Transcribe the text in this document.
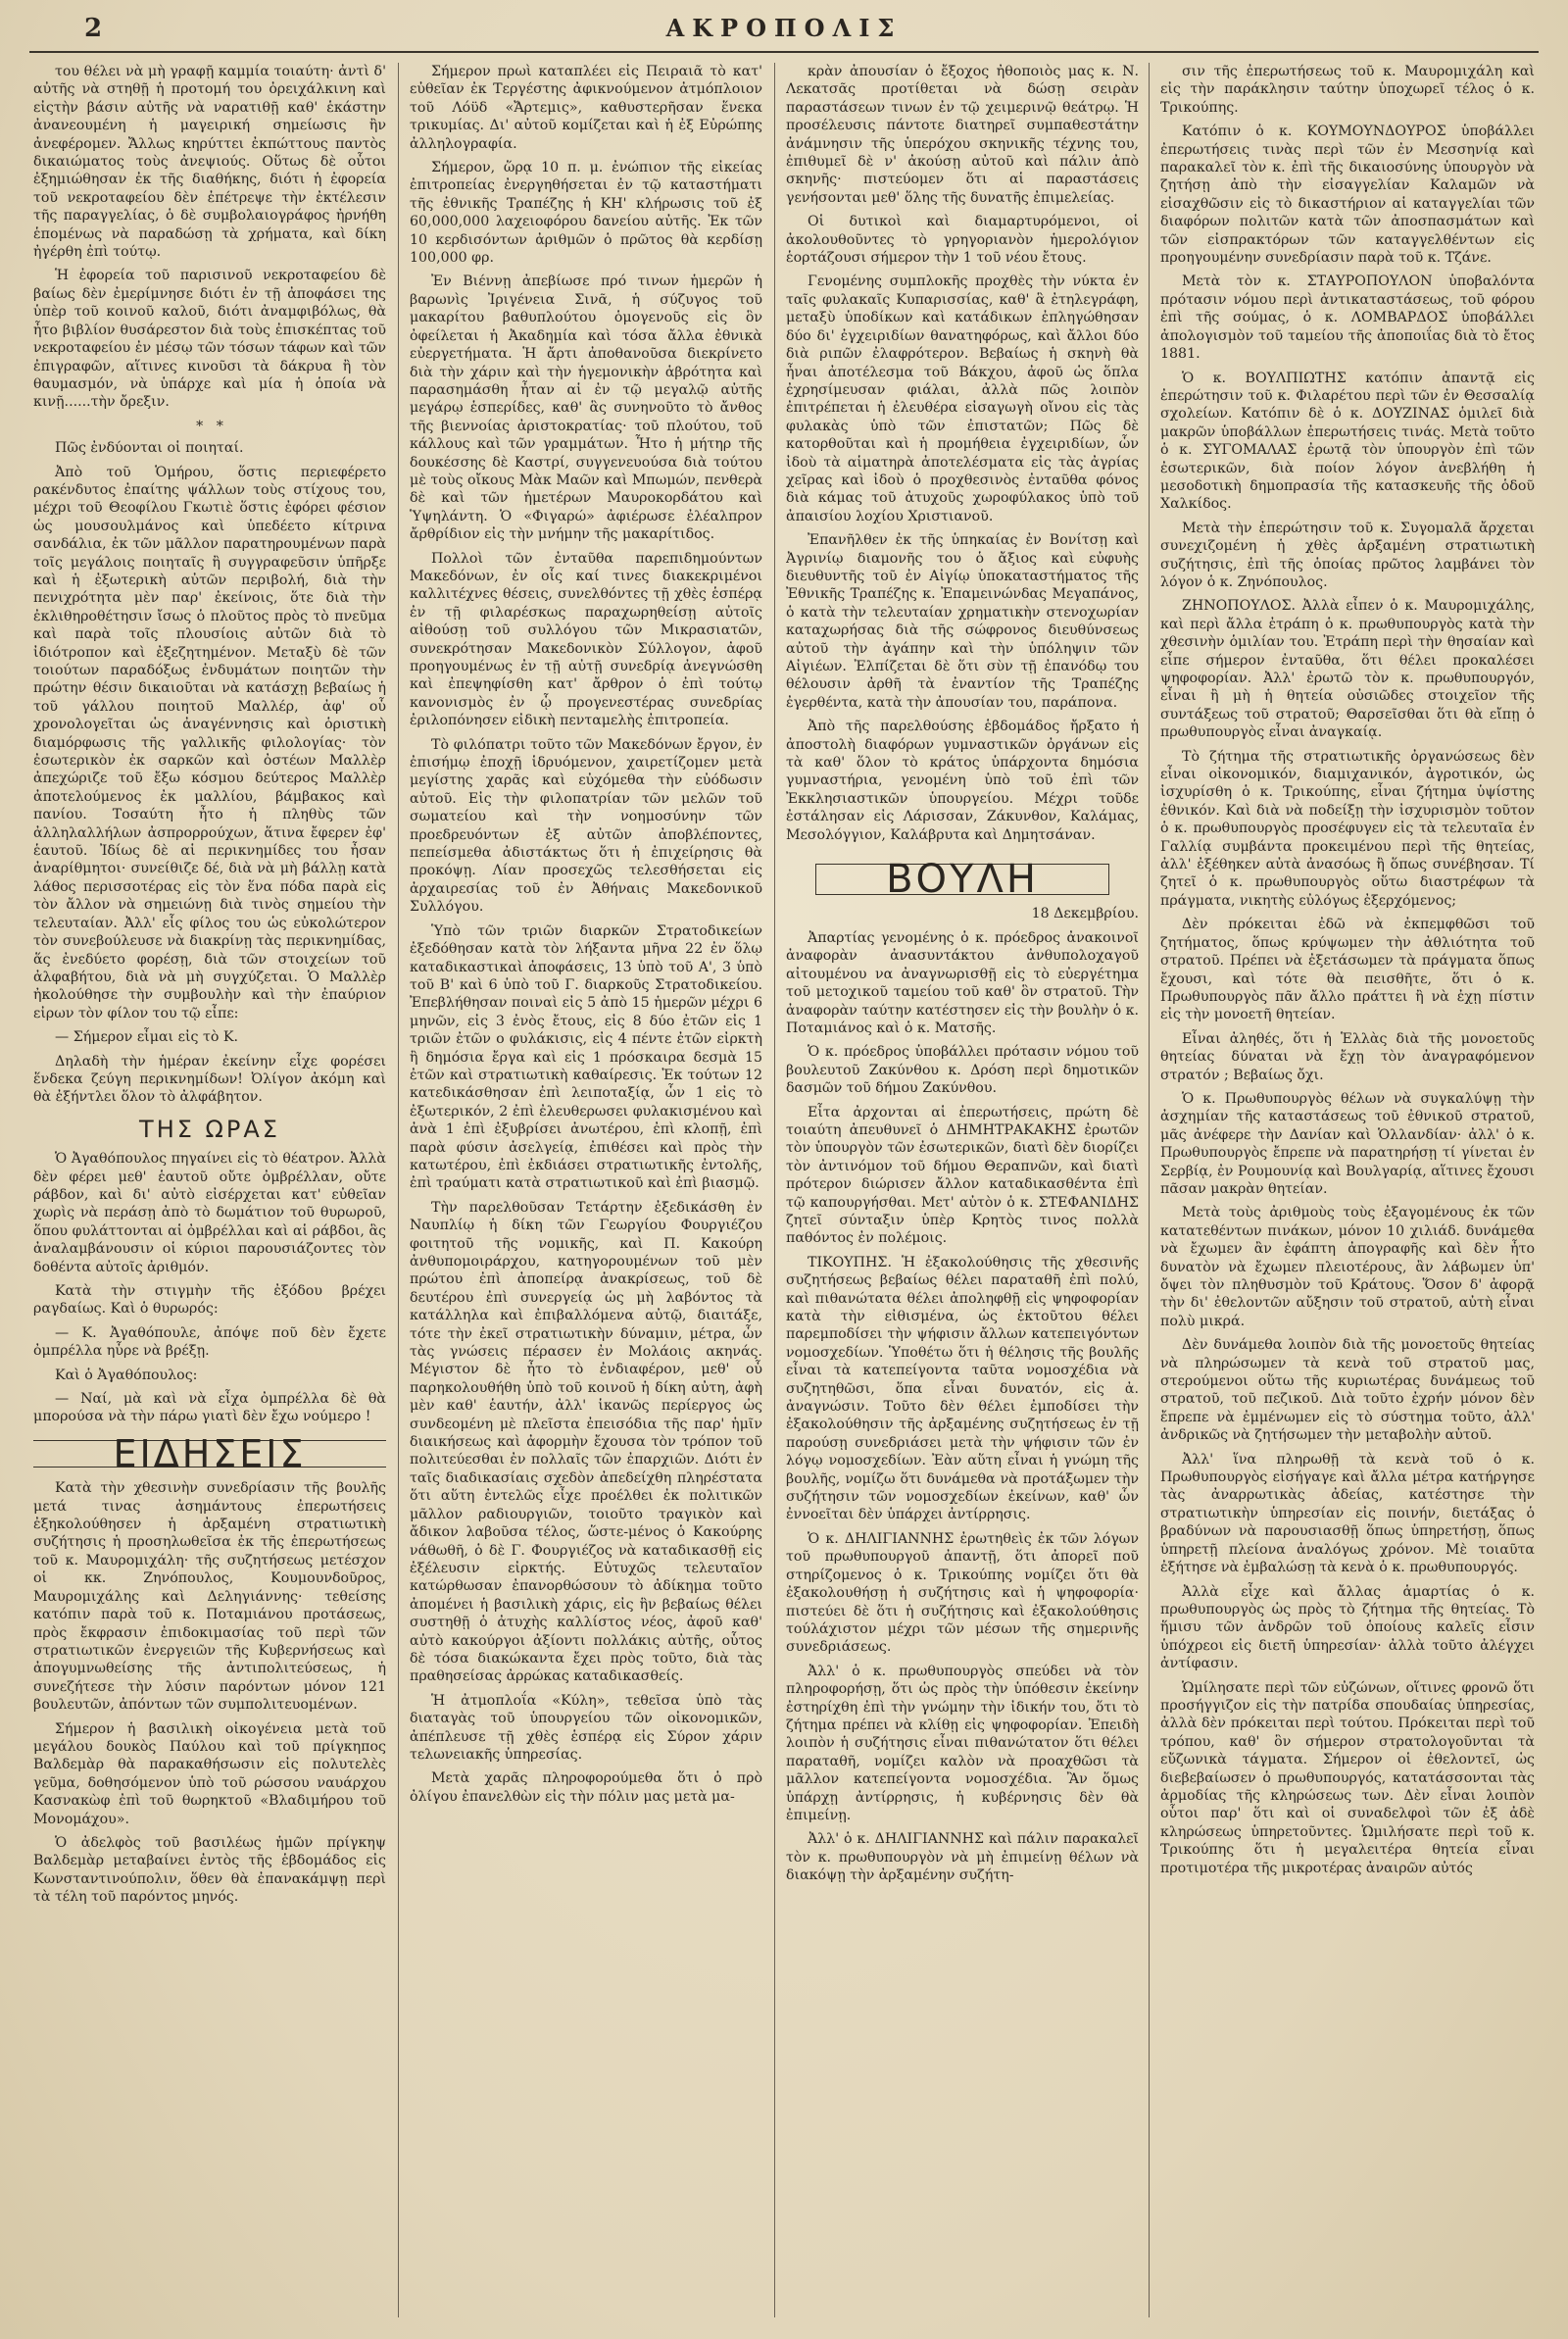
2	ΑΚΡΟΠΟΛΙΣ

του θέλει νὰ μὴ γραφῇ καμμία τοιαύτη· ἀντὶ δ' αὐτῆς νὰ στηθῇ ἡ προτομή του ὀρειχάλκινη καὶ εἰςτὴν βάσιν αὐτῆς νὰ ναρατιθῇ καθ' ἑκάστην ἀνανεουμένη ἡ μαγειρική σημείωσις ἢν ἀνεφέρομεν. Ἄλλως κηρύττει ἐκπώττους παντὸς δικαιώματος τοὺς ἀνεψιούς. Οὕτως δὲ οὗτοι ἐξημιώθησαν ἐκ τῆς διαθήκης, διότι ἡ ἐφορεία τοῦ νεκροταφείου δὲν ἐπέτρεψε τὴν ἐκτέλεσιν τῆς παραγγελίας, ὁ δὲ συμβολαιογράφος ἠρνήθη ἑπομένως νὰ παραδώσῃ τὰ χρήματα, καὶ δίκη ἠγέρθη ἐπὶ τούτῳ.

Ἡ ἐφορεία τοῦ παρισινοῦ νεκροταφείου δὲ βαίως δὲν ἐμερίμνησε διότι ἐν τῇ ἀποφάσει της ὑπὲρ τοῦ κοινοῦ καλοῦ, διότι ἀναμφιβόλως, θὰ ἦτο βιβλίον θυσάρεστον διὰ τοὺς ἐπισκέπτας τοῦ νεκροταφείου ἐν μέσῳ τῶν τόσων τάφων καὶ τῶν ἐπιγραφῶν, αἵτινες κινοῦσι τὰ δάκρυα ἢ τὸν θαυμασμόν, νὰ ὑπάρχε καὶ μία ἡ ὁποία νὰ κινῇ......τὴν ὄρεξιν.

*   *

Πῶς ἐνδύονται οἱ ποιηταί.

Ἀπὸ τοῦ Ὁμήρου, ὅστις περιεφέρετο ρακένδυτος ἐπαίτης ψάλλων τοὺς στίχους του, μέχρι τοῦ Θεοφίλου Γκωτιὲ ὅστις ἐφόρει φέσιον ὡς μουσουλμάνος καὶ ὑπεδέετο κίτρινα σανδάλια, ἐκ τῶν μᾶλλον παρατηρουμένων παρὰ τοῖς μεγάλοις ποιηταῖς ἢ συγγραφεῦσιν ὑπῆρξε καὶ ἡ ἐξωτερικὴ αὐτῶν περιβολή, διὰ τὴν πενιχρότητα μὲν παρ' ἐκείνοις, ὅτε διὰ τὴν ἐκλιθηροθέτησιν ἴσως ὁ πλοῦτος πρὸς τὸ πνεῦμα καὶ παρὰ τοῖς πλουσίοις αὐτῶν διὰ τὸ ἰδιότροπον καὶ ἐξεζητημένον. Μεταξὺ δὲ τῶν τοιούτων παραδόξως ἐνδυμάτων ποιητῶν τὴν πρώτην θέσιν δικαιοῦται νὰ κατάσχῃ βεβαίως ἡ τοῦ γάλλου ποιητοῦ Μαλλέρ, ἀφ' οὗ χρονολογεῖται ὡς ἀναγέννησις καὶ ὁριστικὴ διαμόρφωσις τῆς γαλλικῆς φιλολογίας· τὸν ἐσωτερικὸν ἐκ σαρκῶν καὶ ὀστέων Μαλλὲρ ἀπεχώριζε τοῦ ἔξω κόσμου δεύτερος Μαλλὲρ ἀποτελούμενος ἐκ μαλλίου, βάμβακος καὶ πανίου. Τοσαύτη ἦτο ἡ πληθὺς τῶν ἀλληλαλλήλων ἀσπρορρούχων, ἅτινα ἔφερεν ἐφ' ἑαυτοῦ. Ἰδίως δὲ αἱ περικνημίδες του ἦσαν ἀναρίθμητοι· συνείθιζε δέ, διὰ νὰ μὴ βάλλῃ κατὰ λάθος περισσοτέρας εἰς τὸν ἕνα πόδα παρὰ εἰς τὸν ἄλλον νὰ σημειώνῃ διὰ τινὸς σημείου τὴν τελευταίαν. Ἀλλ' εἷς φίλος του ὡς εὐκολώτερον τὸν συνεβούλευσε νὰ διακρίνῃ τὰς περικνημίδας, ἅς ἐνεδύετο φορέσῃ, διὰ τῶν στοιχείων τοῦ ἀλφαβήτου, διὰ νὰ μὴ συγχύζεται. Ὁ Μαλλὲρ ἠκολούθησε τὴν συμβουλὴν καὶ τὴν ἐπαύριον εἰρων τὸν φίλον του τῷ εἶπε:

— Σήμερον εἶμαι εἰς τὸ Κ.

Δηλαδὴ τὴν ἡμέραν ἐκείνην εἶχε φορέσει ἕνδεκα ζεύγη περικνημίδων! Ὀλίγον ἀκόμη καὶ θὰ ἐξήντλει ὅλον τὸ ἀλφάβητον.

ΤΗΣ ΩΡΑΣ

Ὁ Ἀγαθόπουλος πηγαίνει εἰς τὸ θέατρον. Ἀλλὰ δὲν φέρει μεθ' ἑαυτοῦ οὔτε ὀμβρέλλαν, οὔτε ράβδον, καὶ δι' αὐτὸ εἰσέρχεται κατ' εὐθεῖαν χωρὶς νὰ περάσῃ ἀπὸ τὸ δωμάτιον τοῦ θυρωροῦ, ὅπου φυλάττονται αἱ ὀμβρέλλαι καὶ αἱ ράβδοι, ἃς ἀναλαμβάνουσιν οἱ κύριοι παρουσιάζοντες τὸν δοθέντα αὐτοῖς ἀριθμόν.

Κατὰ τὴν στιγμὴν τῆς ἐξόδου βρέχει ραγδαίως. Καὶ ὁ θυρωρός:

— Κ. Ἀγαθόπουλε, ἀπόψε ποῦ δὲν ἔχετε ὀμπρέλλα ηὗρε νὰ βρέξῃ.

Καὶ ὁ Ἀγαθόπουλος:

— Ναί, μὰ καὶ νὰ εἶχα ὀμπρέλλα δὲ θὰ μπορούσα νὰ τὴν πάρω γιατὶ δὲν ἔχω νούμερο !

ΕΙΔΗΣΕΙΣ

Κατὰ τὴν χθεσινὴν συνεδρίασιν τῆς βουλῆς μετά τινας ἀσημάντους ἐπερωτήσεις ἐξηκολούθησεν ἡ ἀρξαμένη στρατιωτικὴ συζήτησις ἡ προσηλωθεῖσα ἐκ τῆς ἐπερωτήσεως τοῦ κ. Μαυρομιχάλη· τῆς συζητήσεως μετέσχον οἱ κκ. Ζηνόπουλος, Κουμουνδοῦρος, Μαυρομιχάλης καὶ Δεληγιάννης· τεθείσης κατόπιν παρὰ τοῦ κ. Ποταμιάνου προτάσεως, πρὸς ἔκφρασιν ἐπιδοκιμασίας τοῦ περὶ τῶν στρατιωτικῶν ἐνεργειῶν τῆς Κυβερνήσεως καὶ ἀπογυμνωθείσης τῆς ἀντιπολιτεύσεως, ἡ συνεζήτεσε τὴν λύσιν παρόντων μόνον 121 βουλευτῶν, ἀπόντων τῶν συμπολιτευομένων.

Σήμερον ἡ βασιλικὴ οἰκογένεια μετὰ τοῦ μεγάλου δουκὸς Παύλου καὶ τοῦ πρίγκηπος Βαλδεμὰρ θὰ παρακαθήσωσιν εἰς πολυτελὲς γεῦμα, δοθησόμενον ὑπὸ τοῦ ρώσσου ναυάρχου Κασνακὼφ ἐπὶ τοῦ θωρηκτοῦ «Βλαδιμήρου τοῦ Μονομάχου».

Ὁ ἀδελφὸς τοῦ βασιλέως ἡμῶν πρίγκηψ Βαλδεμὰρ μεταβαίνει ἐντὸς τῆς ἑβδομάδος εἰς Κωνσταντινούπολιν, ὅθεν θὰ ἐπανακάμψῃ περὶ τὰ τέλη τοῦ παρόντος μηνός.

Σήμερον πρωὶ καταπλέει εἰς Πειραιᾶ τὸ κατ' εὐθεῖαν ἐκ Τεργέστης ἀφικνούμενον ἀτμόπλοιον τοῦ Λόϋδ «Ἄρτεμις», καθυστερῆσαν ἕνεκα τρικυμίας. Δι' αὐτοῦ κομίζεται καὶ ἡ ἐξ Εὐρώπης ἀλληλογραφία.

Σήμερον, ὥρᾳ 10 π. μ. ἐνώπιον τῆς εἰκείας ἐπιτροπείας ἐνεργηθήσεται ἐν τῷ καταστήματι τῆς ἐθνικῆς Τραπέζης ἡ ΚΗ' κλήρωσις τοῦ ἐξ 60,000,000 λαχειοφόρου δανείου αὐτῆς. Ἐκ τῶν 10 κερδισόντων ἀριθμῶν ὁ πρῶτος θὰ κερδίσῃ 100,000 φρ.

Ἐν Βιέννῃ ἀπεβίωσε πρό τινων ἡμερῶν ἡ βαρωνὶς Ἰριγένεια Σινᾶ, ἡ σύζυγος τοῦ μακαρίτου βαθυπλούτου ὁμογενοῦς εἰς ὃν ὀφείλεται ἡ Ἀκαδημία καὶ τόσα ἄλλα ἐθνικὰ εὐεργετήματα. Ἡ ἄρτι ἀποθανοῦσα διεκρίνετο διὰ τὴν χάριν καὶ τὴν ἡγεμονικὴν ἁβρότητα καὶ παρασημάσθη ἦταν αἱ ἐν τῷ μεγαλῷ αὐτῆς μεγάρῳ ἑσπερίδες, καθ' ἃς συνηνοῦτο τὸ ἄνθος τῆς βιεννοίας ἀριστοκρατίας· τοῦ πλούτου, τοῦ κάλλους καὶ τῶν γραμμάτων. Ἧτο ἡ μήτηρ τῆς δουκέσσης δὲ Καστρί, συγγενευούσα διὰ τούτου μὲ τοὺς οἴκους Μὰκ Μαῶν καὶ Μπωμών, πενθερὰ δὲ καὶ τῶν ἡμετέρων Μαυροκορδάτου καὶ Ὑψηλάντη. Ὁ «Φιγαρώ» ἀφιέρωσε ἐλέαλπρον ἄρθρίδιον εἰς τὴν μνήμην τῆς μακαρίτιδος.

Πολλοὶ τῶν ἐνταῦθα παρεπιδημούντων Μακεδόνων, ἐν οἷς καί τινες διακεκριμένοι καλλιτέχνες θέσεις, συνελθόντες τῇ χθὲς ἑσπέρᾳ ἐν τῇ φιλαρέσκως παραχωρηθείσῃ αὐτοῖς αἰθούσῃ τοῦ συλλόγου τῶν Μικρασιατῶν, συνεκρότησαν Μακεδονικὸν Σύλλογον, ἀφοῦ προηγουμένως ἐν τῇ αὐτῇ συνεδρίᾳ ἀνεγνώσθη καὶ ἐπεψηφίσθη κατ' ἄρθρον ὁ ἐπὶ τούτῳ κανονισμὸς ἐν ᾧ προγενεστέρας συνεδρίας ἐριλοπόνησεν εἰδικὴ πενταμελὴς ἐπιτροπεία.

Τὸ φιλόπατρι τοῦτο τῶν Μακεδόνων ἔργον, ἐν ἐπισήμῳ ἐποχῇ ἱδρυόμενον, χαιρετίζομεν μετὰ μεγίστης χαρᾶς καὶ εὐχόμεθα τὴν εὐόδωσιν αὐτοῦ. Εἰς τὴν φιλοπατρίαν τῶν μελῶν τοῦ σωματείου καὶ τὴν νοημοσύνην τῶν προεδρευόντων ἐξ αὐτῶν ἀποβλέποντες, πεπείσμεθα ἀδιστάκτως ὅτι ἡ ἐπιχείρησις θὰ προκόψῃ. Λίαν προσεχῶς τελεσθήσεται εἰς ἀρχαιρεσίας τοῦ ἐν Ἀθήναις Μακεδονικοῦ Συλλόγου.

Ὑπὸ τῶν τριῶν διαρκῶν Στρατοδικείων ἐξεδόθησαν κατὰ τὸν λήξαντα μῆνα 22 ἐν ὅλῳ καταδικαστικαὶ ἀποφάσεις, 13 ὑπὸ τοῦ Α', 3 ὑπὸ τοῦ Β' καὶ 6 ὑπὸ τοῦ Γ. διαρκοῦς Στρατοδικείου. Ἐπεβλήθησαν ποιναὶ εἰς 5 ἀπὸ 15 ἡμερῶν μέχρι 6 μηνῶν, εἰς 3 ἐνὸς ἔτους, εἰς 8 δύο ἐτῶν εἰς 1 τριῶν ἐτῶν ο φυλάκισις, εἰς 4 πέντε ἐτῶν εἰρκτὴ ἢ δημόσια ἔργα καὶ εἰς 1 πρόσκαιρα δεσμὰ 15 ἐτῶν καὶ στρατιωτικὴ καθαίρεσις. Ἐκ τούτων 12 κατεδικάσθησαν ἐπὶ λειποταξίᾳ, ὧν 1 εἰς τὸ ἐξωτερικόν, 2 ἐπὶ ἐλευθερωσει φυλακισμένου καὶ ἀνὰ 1 ἐπὶ ἐξυβρίσει ἀνωτέρου, ἐπὶ κλοπῇ, ἐπὶ παρὰ φύσιν ἀσελγείᾳ, ἐπιθέσει καὶ πρὸς τὴν κατωτέρου, ἐπὶ ἐκδιάσει στρατιωτικῆς ἐντολῆς, ἐπὶ τραύματι κατὰ στρατιωτικοῦ καὶ ἐπὶ βιασμῷ.

Τὴν παρελθοῦσαν Τετάρτην ἐξεδικάσθη ἐν Ναυπλίῳ ἡ δίκη τῶν Γεωργίου Φουργιέζου φοιτητοῦ τῆς νομικῆς, καὶ Π. Κακούρη ἀνθυπομοιράρχου, κατηγορουμένων τοῦ μὲν πρώτου ἐπὶ ἀποπείρᾳ ἀνακρίσεως, τοῦ δὲ δευτέρου ἐπὶ συνεργείᾳ ὡς μὴ λαβόντος τὰ κατάλληλα καὶ ἐπιβαλλόμενα αὐτῷ, διαιτάξε, τότε τὴν ἐκεῖ στρατιωτικὴν δύναμιν, μέτρα, ὧν τὰς γνώσεις πέρασεν ἐν Μολάοις ακηνάς. Μέγιστον δὲ ἦτο τὸ ἐνδιαφέρον, μεθ' οὗ παρηκολουθήθη ὑπὸ τοῦ κοινοῦ ἡ δίκη αὐτη, ἀφὴ μὲν καθ' ἑαυτήν, ἀλλ' ἱκανῶς περίεργος ὡς συνδεομένη μὲ πλεῖστα ἐπεισόδια τῆς παρ' ἡμῖν διαικήσεως καὶ ἀφορμὴν ἔχουσα τὸν τρόπον τοῦ πολιτεύεσθαι ἐν πολλαῖς τῶν ἐπαρχιῶν. Διότι ἐν ταῖς διαδικασίαις σχεδὸν ἀπεδείχθη πληρέστατα ὅτι αὕτη ἐντελῶς εἶχε προέλθει ἐκ πολιτικῶν μᾶλλον ραδιουργιῶν, τοιοῦτο τραγικὸν καὶ ἄδικον λαβοῦσα τέλος, ὥστε-μένος ὁ Κακούρης νάθωθῆ, ὁ δὲ Γ. Φουργιέζος νὰ καταδικασθῇ εἰς ἐξέλευσιν εἰρκτής. Εὐτυχῶς τελευταῖον κατώρθωσαν ἐπανορθώσουν τὸ ἀδίκημα τοῦτο ἀπομένει ἡ βασιλικὴ χάρις, εἰς ἣν βεβαίως θέλει συστηθῇ ὁ ἀτυχὴς καλλίστος νέος, ἀφοῦ καθ' αὐτὸ κακούργοι ἀξίοντι πολλάκις αὐτῆς, οὗτος δὲ τόσα διακώκαντα ἔχει πρὸς τοῦτο, διὰ τὰς πραθησείσας ἀρρώκας καταδικασθείς.

Ἡ ἀτμοπλοΐα «Κύλη», τεθεῖσα ὑπὸ τὰς διαταγὰς τοῦ ὑπουργείου τῶν οἰκονομικῶν, ἀπέπλευσε τῇ χθὲς ἑσπέρᾳ εἰς Σύρον χάριν τελωνειακῆς ὑπηρεσίας.

Μετὰ χαρᾶς πληροφορούμεθα ὅτι ὁ πρὸ ὀλίγου ἐπανελθὼν εἰς τὴν πόλιν μας μετὰ μα-

κρὰν ἀπουσίαν ὁ ἔξοχος ἠθοποιὸς μας κ. Ν. Λεκατσᾶς προτίθεται νὰ δώσῃ σειρὰν παραστάσεων τινων ἐν τῷ χειμερινῷ θεάτρῳ. Ἡ προσέλευσις πάντοτε διατηρεῖ συμπαθεστάτην ἀνάμνησιν τῆς ὑπερόχου σκηνικῆς τέχνης του, ἐπιθυμεῖ δὲ ν' ἀκούσῃ αὐτοῦ καὶ πάλιν ἀπὸ σκηνῆς· πιστεύομεν ὅτι αἱ παραστάσεις γενήσονται μεθ' ὅλης τῆς δυνατῆς ἐπιμελείας.

Οἱ δυτικοὶ καὶ διαμαρτυρόμενοι, οἱ ἀκολουθοῦντες τὸ γρηγοριανὸν ἡμερολόγιον ἑορτάζουσι σήμερον τὴν 1 τοῦ νέου ἔτους.

Γενομένης συμπλοκῆς προχθὲς τὴν νύκτα ἐν ταῖς φυλακαῖς Κυπαρισσίας, καθ' ἃ ἐτηλεγράφη, μεταξὺ ὑποδίκων καὶ κατάδικων ἐπληγώθησαν δύο δι' ἐγχειριδίων θανατηφόρως, καὶ ἄλλοι δύο διὰ ριπῶν ἐλαφρότερον. Βεβαίως ἡ σκηνὴ θὰ ἦναι ἀποτέλεσμα τοῦ Βάκχου, ἀφοῦ ὡς ὅπλα ἐχρησίμευσαν φιάλαι, ἀλλὰ πῶς λοιπὸν ἐπιτρέπεται ἡ ἐλευθέρα εἰσαγωγὴ οἴνου εἰς τὰς φυλακὰς ὑπὸ τῶν ἐπιστατῶν; Πῶς δὲ κατορθοῦται καὶ ἡ προμήθεια ἐγχειριδίων, ὧν ἰδοὺ τὰ αἱματηρὰ ἀποτελέσματα εἰς τὰς ἀγρίας χεῖρας καὶ ἰδοὺ ὁ προχθεσινὸς ἐνταῦθα φόνος διὰ κάμας τοῦ ἀτυχοῦς χωροφύλακος ὑπὸ τοῦ ἀπαισίου λοχίου Χριστιανοῦ.

Ἐπανῆλθεν ἐκ τῆς ὑπηκαίας ἐν Βονίτσῃ καὶ Ἀγρινίῳ διαμονῆς του ὁ ἄξιος καὶ εὐφυὴς διευθυντῆς τοῦ ἐν Αἰγίῳ ὑποκαταστήματος τῆς Ἐθνικῆς Τραπέζης κ. Ἐπαμεινώνδας Μεγαπάνος, ὁ κατὰ τὴν τελευταίαν χρηματικὴν στενοχωρίαν καταχωρήσας διὰ τῆς σώφρονος διευθύνσεως αὐτοῦ τὴν ἀγάπην καὶ τὴν ὑπόληψιν τῶν Αἰγιέων. Ἐλπίζεται δὲ ὅτι σὺν τῇ ἐπανόδῳ του θέλουσιν ἀρθῆ τὰ ἐναντίον τῆς Τραπέζης ἐγερθέντα, κατὰ τὴν ἀπουσίαν του, παράπονα.

Ἀπὸ τῆς παρελθούσης ἑβδομάδος ἤρξατο ἡ ἀποστολὴ διαφόρων γυμναστικῶν ὀργάνων εἰς τὰ καθ' ὅλον τὸ κράτος ὑπάρχοντα δημόσια γυμναστήρια, γενομένη ὑπὸ τοῦ ἐπὶ τῶν Ἐκκλησιαστικῶν ὑπουργείου. Μέχρι τοῦδε ἐστάλησαν εἰς Λάρισσαν, Ζάκυνθον, Καλάμας, Μεσολόγγιον, Καλάβρυτα καὶ Δημητσάναν.

ΒΟΥΛΗ

18 Δεκεμβρίου.

Ἀπαρτίας γενομένης ὁ κ. πρόεδρος ἀνακοινοῖ ἀναφορὰν ἀνασυντάκτου ἀνθυπολοχαγοῦ αἰτουμένου να ἀναγνωρισθῇ εἰς τὸ εὐεργέτημα τοῦ μετοχικοῦ ταμείου τοῦ καθ' ὃν στρατοῦ. Τὴν ἀναφορὰν ταύτην κατέστησεν εἰς τὴν βουλὴν ὁ κ. Ποταμιάνος καὶ ὁ κ. Ματσῆς.

Ὁ κ. πρόεδρος ὑποβάλλει πρότασιν νόμου τοῦ βουλευτοῦ Ζακύνθου κ. Δρόση περὶ δημοτικῶν δασμῶν τοῦ δήμου Ζακύνθου.

Εἶτα ἀρχονται αἱ ἐπερωτήσεις, πρώτη δὲ τοιαύτη ἀπευθυνεῖ ὁ ΔΗΜΗΤΡΑΚΑΚΗΣ ἐρωτῶν τὸν ὑπουργὸν τῶν ἐσωτερικῶν, διατὶ δὲν διορίζει τὸν ἀντινόμον τοῦ δήμου Θεραπνῶν, καὶ διατὶ πρότερον διώρισεν ἄλλον καταδικασθέντα ἐπὶ τῷ καπουργήσθαι. Μετ' αὐτὸν ὁ κ. ΣΤΕΦΑΝΙΔΗΣ ζητεῖ σύνταξιν ὑπὲρ Κρητὸς τινος πολλὰ παθόντος ἐν πολέμοις.

ΤΙΚΟΥΠΗΣ. Ἡ ἐξακολούθησις τῆς χθεσινῆς συζητήσεως βεβαίως θέλει παραταθῆ ἐπὶ πολύ, καὶ πιθανώτατα θέλει ἀποληφθῇ εἰς ψηφοφορίαν κατὰ τὴν εἰθισμένα, ὡς ἐκτοῦτου θέλει παρεμποδίσει τὴν ψήφισιν ἄλλων κατεπειγόντων νομοσχεδίων. Ὑποθέτω ὅτι ἡ θέλησις τῆς βουλῆς εἶναι τὰ κατεπείγοντα ταῦτα νομοσχέδια νὰ συζητηθῶσι, ὅπα εἶναι δυνατόν, εἰς ἀ. ἀναγνώσιν. Τοῦτο δὲν θέλει ἐμποδίσει τὴν ἐξακολούθησιν τῆς ἀρξαμένης συζητήσεως ἐν τῇ παρούσῃ συνεδριάσει μετὰ τὴν ψήφισιν τῶν ἐν λόγῳ νομοσχεδίων. Ἐὰν αὕτη εἶναι ἡ γνώμη τῆς βουλῆς, νομίζω ὅτι δυνάμεθα νὰ προτάξωμεν τὴν συζήτησιν τῶν νομοσχεδίων ἐκείνων, καθ' ὧν ἐννοεῖται δὲν ὑπάρχει ἀντίρρησις.

Ὁ κ. ΔΗΛΙΓΙΑΝΝΗΣ ἐρωτηθεὶς ἐκ τῶν λόγων τοῦ πρωθυπουργοῦ ἀπαντῇ, ὅτι ἀπορεῖ ποῦ στηρίζομενος ὁ κ. Τρικούπης νομίζει ὅτι θὰ ἐξακολουθήσῃ ἡ συζήτησις καὶ ἡ ψηφοφορία· πιστεύει δὲ ὅτι ἡ συζήτησις καὶ ἐξακολούθησις τούλάχιστον μέχρι τῶν μέσων τῆς σημερινῆς συνεδριάσεως.

Ἀλλ' ὁ κ. πρωθυπουργὸς σπεύδει νὰ τὸν πληροφορήσῃ, ὅτι ὡς πρὸς τὴν ὑπόθεσιν ἐκείνην ἐστηρίχθη ἐπὶ τὴν γνώμην τὴν ἰδικήν του, ὅτι τὸ ζήτημα πρέπει νὰ κλίθῃ εἰς ψηφοφορίαν. Ἐπειδὴ λοιπὸν ἡ συζήτησις εἶναι πιθανώτατον ὅτι θέλει παραταθῆ, νομίζει καλὸν νὰ προαχθῶσι τὰ μᾶλλον κατεπείγοντα νομοσχέδια. Ἂν ὅμως ὑπάρχῃ ἀντίρρησις, ἡ κυβέρνησις δὲν θὰ ἐπιμείνῃ.

Ἀλλ' ὁ κ. ΔΗΛΙΓΙΑΝΝΗΣ καὶ πάλιν παρακαλεῖ τὸν κ. πρωθυπουργὸν νὰ μὴ ἐπιμείνῃ θέλων νὰ διακόψῃ τὴν ἀρξαμένην συζήτη-

σιν τῆς ἐπερωτήσεως τοῦ κ. Μαυρομιχάλη καὶ εἰς τὴν παράκλησιν ταύτην ὑποχωρεῖ τέλος ὁ κ. Τρικούπης.

Κατόπιν ὁ κ. ΚΟΥΜΟΥΝΔΟΥΡΟΣ ὑποβάλλει ἐπερωτήσεις τινὰς περὶ τῶν ἐν Μεσσηνίᾳ καὶ παρακαλεῖ τὸν κ. ἐπὶ τῆς δικαιοσύνης ὑπουργὸν νὰ ζητήσῃ ἀπὸ τὴν εἰσαγγελίαν Καλαμῶν νὰ εἰσαχθῶσιν εἰς τὸ δικαστήριον αἱ καταγγελίαι τῶν διαφόρων πολιτῶν κατὰ τῶν ἀποσπασμάτων καὶ τῶν εἰσπρακτόρων τῶν καταγγελθέντων εἰς προηγουμένην συνεδρίασιν παρὰ τοῦ κ. Τζάνε.

Μετὰ τὸν κ. ΣΤΑΥΡΟΠΟΥΛΟΝ ὑποβαλόντα πρότασιν νόμου περὶ ἀντικαταστάσεως, τοῦ φόρου ἐπὶ τῆς σούμας, ὁ κ. ΛΟΜΒΑΡΔΟΣ ὑποβάλλει ἀπολογισμὸν τοῦ ταμείου τῆς ἀποποιΐας διὰ τὸ ἔτος 1881.

Ὁ κ. ΒΟΥΛΠΙΩΤΗΣ κατόπιν ἀπαντᾷ εἰς ἐπερώτησιν τοῦ κ. Φιλαρέτου περὶ τῶν ἐν Θεσσαλίᾳ σχολείων. Κατόπιν δὲ ὁ κ. ΔΟΥΖΙΝΑΣ ὁμιλεῖ διὰ μακρῶν ὑποβάλλων ἐπερωτήσεις τινάς. Μετὰ τοῦτο ὁ κ. ΣΥΓΟΜΑΛΑΣ ἐρωτᾷ τὸν ὑπουργὸν ἐπὶ τῶν ἐσωτερικῶν, διὰ ποίον λόγον ἀνεβλήθη ἡ μεσοδοτικὴ δημοπρασία τῆς κατασκευῆς τῆς ὁδοῦ Χαλκίδος.

Μετὰ τὴν ἐπερώτησιν τοῦ κ. Συγομαλᾶ ἄρχεται συνεχιζομένη ἡ χθὲς ἀρξαμένη στρατιωτικὴ συζήτησις, ἐπὶ τῆς ὁποίας πρῶτος λαμβάνει τὸν λόγον ὁ κ. Ζηνόπουλος.

ΖΗΝΟΠΟΥΛΟΣ. Ἀλλὰ εἶπεν ὁ κ. Μαυρομιχάλης, καὶ περὶ ἄλλα ἐτράπη ὁ κ. πρωθυπουργὸς κατὰ τὴν χθεσινὴν ὁμιλίαν του. Ἐτράπη περὶ τὴν θησαίαν καὶ εἶπε σήμερον ἐνταῦθα, ὅτι θέλει προκαλέσει ψηφοφορίαν. Ἀλλ' ἐρωτῶ τὸν κ. πρωθυπουργόν, εἶναι ἢ μὴ ἡ θητεία οὐσιῶδες στοιχεῖον τῆς συντάξεως τοῦ στρατοῦ; Θαρσεῖσθαι ὅτι θὰ εἴπῃ ὁ πρωθυπουργὸς εἶναι ἀναγκαίᾳ.

Τὸ ζήτημα τῆς στρατιωτικῆς ὀργανώσεως δὲν εἶναι οἰκονομικόν, διαμιχανικόν, ἀγροτικόν, ὡς ἰσχυρίσθη ὁ κ. Τρικούπης, εἶναι ζήτημα ὑψίστης ἐθνικόν. Καὶ διὰ νὰ ποδείξῃ τὴν ἰσχυρισμὸν τοῦτον ὁ κ. πρωθυπουργὸς προσέφυγεν εἰς τὰ τελευταῖα ἐν Γαλλίᾳ συμβάντα προκειμένου περὶ τῆς θητείας, ἀλλ' ἐξέθηκεν αὐτὰ ἀνασόως ἢ ὅπως συνέβησαν. Τί ζητεῖ ὁ κ. πρωθυπουργὸς οὕτω διαστρέφων τὰ πράγματα, νικητὴς εὐλόγως ἐξερχόμενος;

Δὲν πρόκειται ἐδῶ νὰ ἐκπεμφθῶσι τοῦ ζητήματος, ὅπως κρύψωμεν τὴν ἀθλιότητα τοῦ στρατοῦ. Πρέπει νὰ ἐξετάσωμεν τὰ πράγματα ὅπως ἔχουσι, καὶ τότε θὰ πεισθῆτε, ὅτι ὁ κ. Πρωθυπουργὸς πᾶν ἄλλο πράττει ἢ νὰ ἐχῃ πίστιν εἰς τὴν μονοετῆ θητείαν.

Εἶναι ἀληθές, ὅτι ἡ Ἑλλὰς διὰ τῆς μονοετοῦς θητείας δύναται νὰ ἔχῃ τὸν ἀναγραφόμενον στρατόν ; Βεβαίως ὄχι.

Ὁ κ. Πρωθυπουργὸς θέλων νὰ συγκαλύψῃ τὴν ἀσχημίαν τῆς καταστάσεως τοῦ ἐθνικοῦ στρατοῦ, μᾶς ἀνέφερε τὴν Δανίαν καὶ Ὁλλανδίαν· ἀλλ' ὁ κ. Πρωθυπουργὸς ἔπρεπε νὰ παρατηρήσῃ τί γίνεται ἐν Σερβίᾳ, ἐν Ρουμουνίᾳ καὶ Βουλγαρίᾳ, αἵτινες ἔχουσι πᾶσαν μακρὰν θητείαν.

Μετὰ τοὺς ἀριθμοὺς τοὺς ἐξαγομένους ἐκ τῶν κατατεθέντων πινάκων, μόνον 10 χιλιάδ. δυνάμεθα νὰ ἔχωμεν ἂν ἐφάπτη ἀπογραφῆς καὶ δὲν ἦτο δυνατὸν νὰ ἔχωμεν πλειοτέρους, ἂν λάβωμεν ὑπ' ὄψει τὸν πληθυσμὸν τοῦ Κράτους. Ὅσον δ' ἀφορᾷ τὴν δι' ἐθελοντῶν αὔξησιν τοῦ στρατοῦ, αὐτὴ εἶναι πολὺ μικρά.

Δὲν δυνάμεθα λοιπὸν διὰ τῆς μονοετοῦς θητείας νὰ πληρώσωμεν τὰ κενὰ τοῦ στρατοῦ μας, στερούμενοι οὕτω τῆς κυριωτέρας δυνάμεως τοῦ στρατοῦ, τοῦ πεζικοῦ. Διὰ τοῦτο ἐχρήν μόνον δὲν ἔπρεπε νὰ ἐμμένωμεν εἰς τὸ σύστημα τοῦτο, ἀλλ' ἀνδρικῶς νὰ ζητήσωμεν τὴν μεταβολὴν αὐτοῦ.

Ἀλλ' ἵνα πληρωθῇ τὰ κενὰ τοῦ ὁ κ. Πρωθυπουργὸς εἰσήγαγε καὶ ἄλλα μέτρα κατήργησε τὰς ἀναρρωτικὰς ἀδείας, κατέστησε τὴν στρατιωτικὴν ὑπηρεσίαν εἰς ποινήν, διετάξας ὁ βραδύνων νὰ παρουσιασθῇ ὅπως ὑπηρετήσῃ, ὅπως ὑπηρετῇ πλείονα ἀναλόγως χρόνον. Μὲ τοιαῦτα ἐξήτησε νὰ ἐμβαλώσῃ τὰ κενὰ ὁ κ. πρωθυπουργός.

Ἀλλὰ εἶχε καὶ ἄλλας ἁμαρτίας ὁ κ. πρωθυπουργὸς ὡς πρὸς τὸ ζήτημα τῆς θητείας. Τὸ ἥμισυ τῶν ἀνδρῶν τοῦ ὁποίους καλεῖς εἶσιν ὑπόχρεοι εἰς διετῆ ὑπηρεσίαν· ἀλλὰ τοῦτο ἀλέγχει ἀντίφασιν.

Ὡμίλησατε περὶ τῶν εὐζώνων, οἵτινες φρονῶ ὅτι προσήγγιζον εἰς τὴν πατρίδα σπουδαίας ὑπηρεσίας, ἀλλὰ δὲν πρόκειται περὶ τούτου. Πρόκειται περὶ τοῦ τρόπου, καθ' ὃν σήμερον στρατολογοῦνται τὰ εὔζωνικὰ τάγματα. Σήμερον οἱ ἐθελοντεῖ, ὡς διεβεβαίωσεν ὁ πρωθυπουργός, κατατάσσονται τὰς ἀρμοδίας τῆς κληρώσεως των. Δὲν εἶναι λοιπὸν οὗτοι παρ' ὅτι καὶ οἱ συναδελφοὶ τῶν ἐξ ἀδὲ κληρώσεως ὑπηρετοῦντες. Ὡμιλήσατε περὶ τοῦ κ. Τρικούπης ὅτι ἡ μεγαλειτέρα θητεία εἶναι προτιμοτέρα τῆς μικροτέρας ἀναιρῶν αὐτός
